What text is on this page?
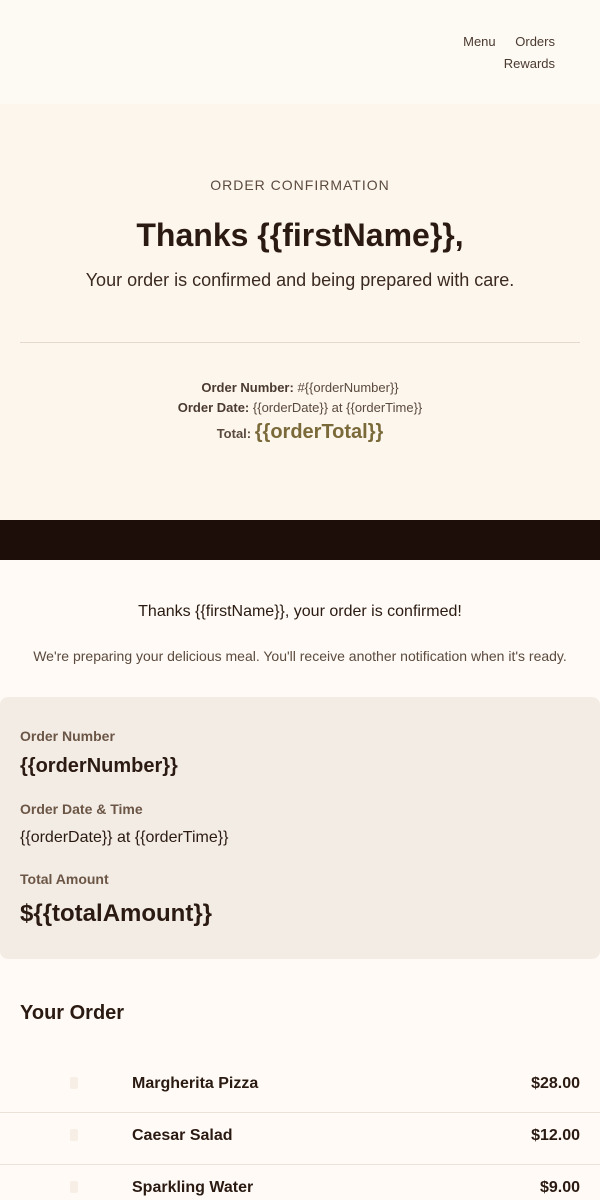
Menu Orders
Rewards
ORDER CONFIRMATION
Thanks {{firstName}},
Your order is confirmed and being prepared with care.
Order Number: #{{orderNumber}}
Order Date: {{orderDate}} at {{orderTime}}
Total: {{orderTotal}}
Thanks {{firstName}}, your order is confirmed!
We're preparing your delicious meal. You'll receive another notification when it's ready.
Order Number
{{orderNumber}}
Order Date & Time
{{orderDate}} at {{orderTime}}
Total Amount
${{totalAmount}}
Your Order
Margherita Pizza	$28.00
Caesar Salad	$12.00
Sparkling Water	$9.00
